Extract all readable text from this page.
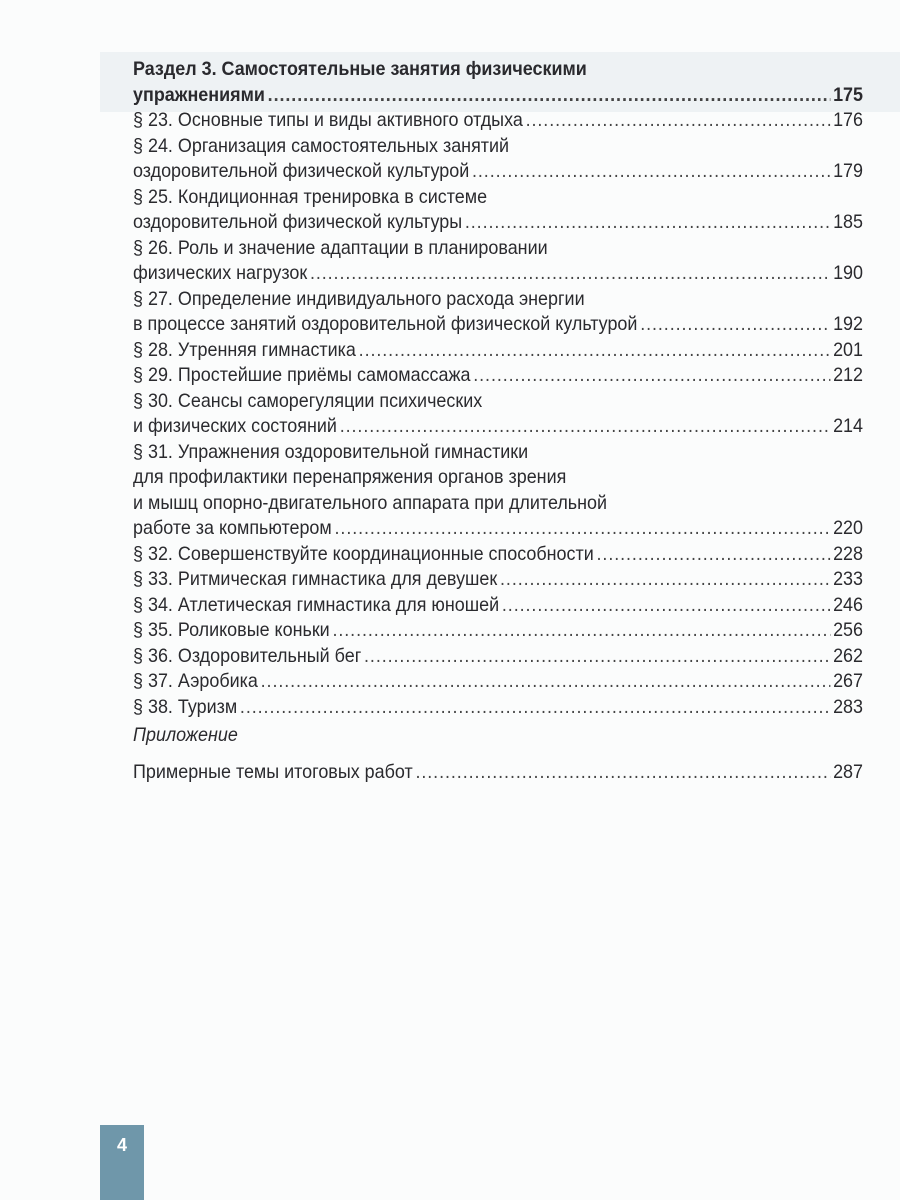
Раздел 3. Самостоятельные занятия физическими
упражнениями .....	175
§ 23. Основные типы и виды активного отдыха .....	176
§ 24. Организация самостоятельных занятий
оздоровительной физической культурой .....	179
§ 25. Кондиционная тренировка в системе
оздоровительной физической культуры .....	185
§ 26. Роль и значение адаптации в планировании
физических нагрузок .....	190
§ 27. Определение индивидуального расхода энергии
в процессе занятий оздоровительной физической культурой .....	192
§ 28. Утренняя гимнастика .....	201
§ 29. Простейшие приёмы самомассажа .....	212
§ 30. Сеансы саморегуляции психических
и физических состояний .....	214
§ 31. Упражнения оздоровительной гимнастики
для профилактики перенапряжения органов зрения
и мышц опорно-двигательного аппарата при длительной
работе за компьютером .....	220
§ 32. Совершенствуйте координационные способности .....	228
§ 33. Ритмическая гимнастика для девушек .....	233
§ 34. Атлетическая гимнастика для юношей .....	246
§ 35. Роликовые коньки .....	256
§ 36. Оздоровительный бег .....	262
§ 37. Аэробика .....	267
§ 38. Туризм .....	283
Приложение
Примерные темы итоговых работ .....	287
4
